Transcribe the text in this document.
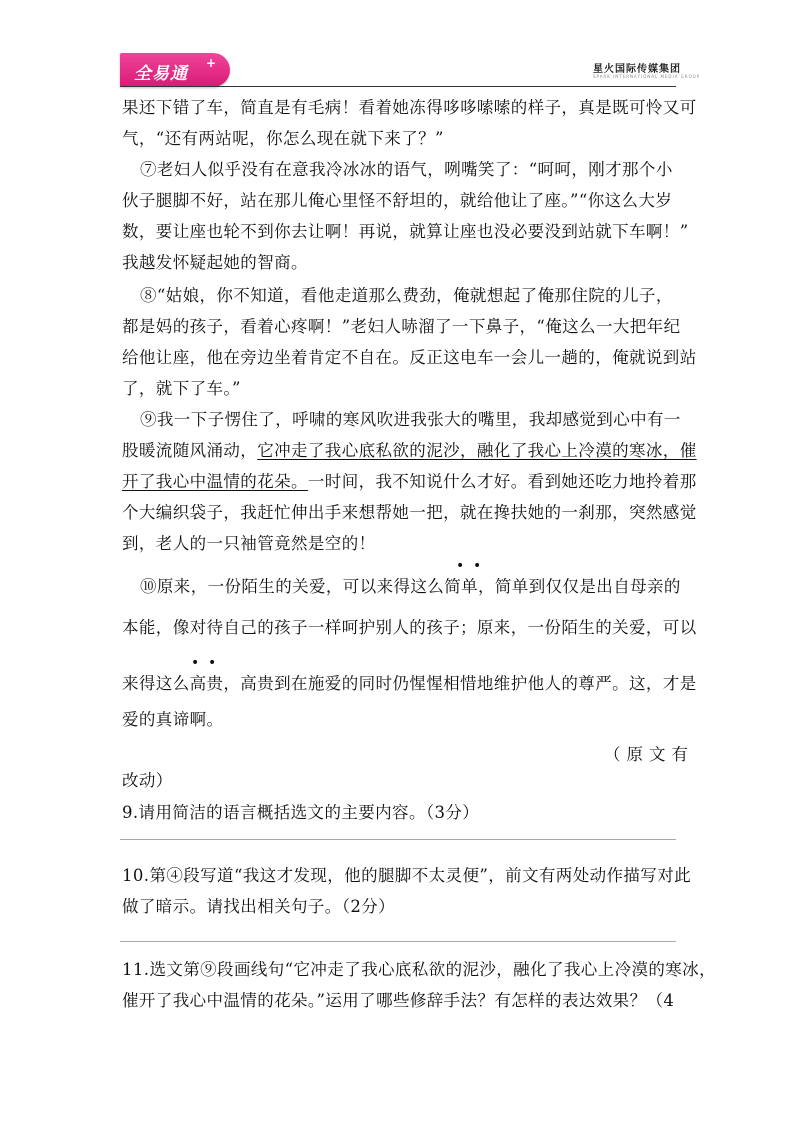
全易通
+	星火国际传媒集团
SPARK INTERNATIONAL MEDIA GROUP
果还下错了车，简直是有毛病！看着她冻得哆哆嗦嗦的样子，真是既可怜又可
气，“还有两站呢，你怎么现在就下来了？”
⑦老妇人似乎没有在意我冷冰冰的语气，咧嘴笑了：“呵呵，刚才那个小
伙子腿脚不好，站在那儿俺心里怪不舒坦的，就给他让了座。”“你这么大岁
数，要让座也轮不到你去让啊！再说，就算让座也没必要没到站就下车啊！”
我越发怀疑起她的智商。
⑧“姑娘，你不知道，看他走道那么费劲，俺就想起了俺那住院的儿子，
都是妈的孩子，看着心疼啊！”老妇人哧溜了一下鼻子，“俺这么一大把年纪
给他让座，他在旁边坐着肯定不自在。反正这电车一会儿一趟的，俺就说到站
了，就下了车。”
⑨我一下子愣住了，呼啸的寒风吹进我张大的嘴里，我却感觉到心中有一
股暖流随风涌动，它冲走了我心底私欲的泥沙，融化了我心上冷漠的寒冰，催
开了我心中温情的花朵。一时间，我不知说什么才好。看到她还吃力地拎着那
个大编织袋子，我赶忙伸出手来想帮她一把，就在搀扶她的一刹那，突然感觉
到，老人的一只袖管竟然是空的！
• •
⑩原来，一份陌生的关爱，可以来得这么简单，简单到仅仅是出自母亲的
本能，像对待自己的孩子一样呵护别人的孩子；原来，一份陌生的关爱，可以
• •
来得这么高贵，高贵到在施爱的同时仍惺惺相惜地维护他人的尊严。这，才是
爱的真谛啊。
（原文有
改动）
9.请用简洁的语言概括选文的主要内容。（3分）
10.第④段写道“我这才发现，他的腿脚不太灵便”，前文有两处动作描写对此
做了暗示。请找出相关句子。（2分）
11.选文第⑨段画线句“它冲走了我心底私欲的泥沙，融化了我心上冷漠的寒冰，
催开了我心中温情的花朵。”运用了哪些修辞手法？有怎样的表达效果？（4
